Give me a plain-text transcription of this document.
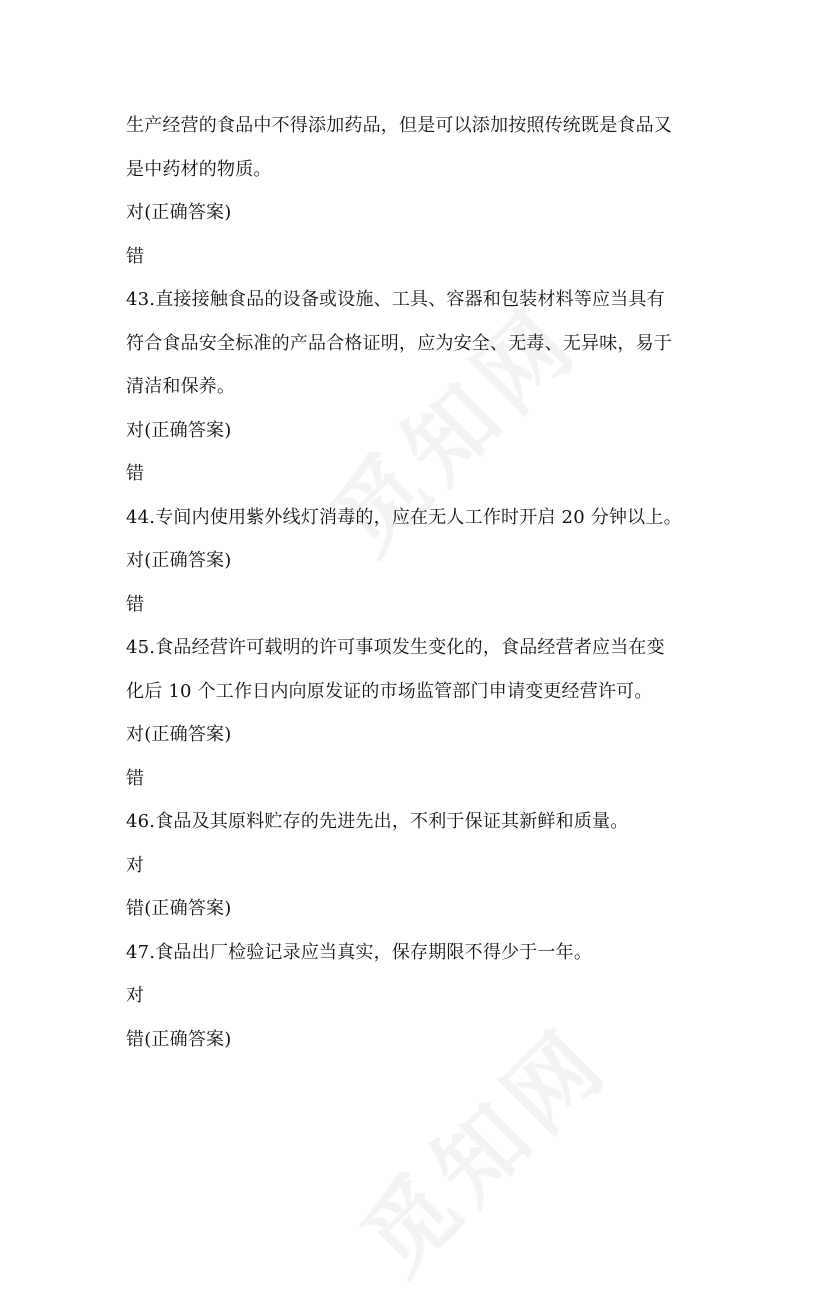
生产经营的食品中不得添加药品，但是可以添加按照传统既是食品又
是中药材的物质。
对(正确答案)
错
43.直接接触食品的设备或设施、工具、容器和包装材料等应当具有
符合食品安全标准的产品合格证明，应为安全、无毒、无异味，易于
清洁和保养。
对(正确答案)
错
44.专间内使用紫外线灯消毒的，应在无人工作时开启 20 分钟以上。
对(正确答案)
错
45.食品经营许可载明的许可事项发生变化的，食品经营者应当在变
化后 10 个工作日内向原发证的市场监管部门申请变更经营许可。
对(正确答案)
错
46.食品及其原料贮存的先进先出，不利于保证其新鲜和质量。
对
错(正确答案)
47.食品出厂检验记录应当真实，保存期限不得少于一年。
对
错(正确答案)
